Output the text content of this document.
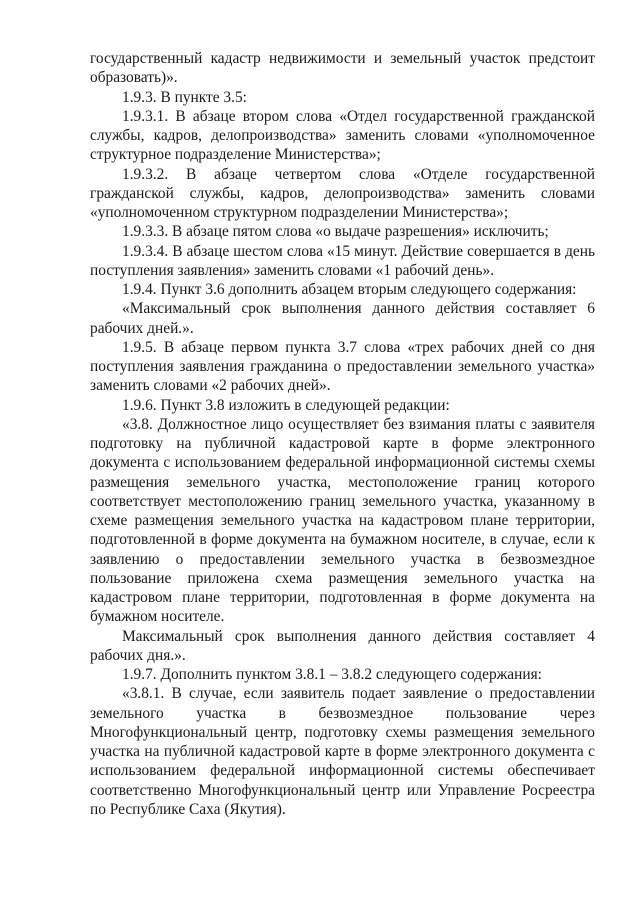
государственный кадастр недвижимости и земельный участок предстоит образовать)».

1.9.3. В пункте 3.5:

1.9.3.1. В абзаце втором слова «Отдел государственной гражданской службы, кадров, делопроизводства» заменить словами «уполномоченное структурное подразделение Министерства»;

1.9.3.2. В абзаце четвертом слова «Отделе государственной гражданской службы, кадров, делопроизводства» заменить словами «уполномоченном структурном подразделении Министерства»;

1.9.3.3. В абзаце пятом слова «о выдаче разрешения» исключить;

1.9.3.4. В абзаце шестом слова «15 минут. Действие совершается в день поступления заявления» заменить словами «1 рабочий день».

1.9.4. Пункт 3.6 дополнить абзацем вторым следующего содержания:

«Максимальный срок выполнения данного действия составляет 6 рабочих дней.».

1.9.5. В абзаце первом пункта 3.7 слова «трех рабочих дней со дня поступления заявления гражданина о предоставлении земельного участка» заменить словами «2 рабочих дней».

1.9.6. Пункт 3.8 изложить в следующей редакции:

«3.8. Должностное лицо осуществляет без взимания платы с заявителя подготовку на публичной кадастровой карте в форме электронного документа с использованием федеральной информационной системы схемы размещения земельного участка, местоположение границ которого соответствует местоположению границ земельного участка, указанному в схеме размещения земельного участка на кадастровом плане территории, подготовленной в форме документа на бумажном носителе, в случае, если к заявлению о предоставлении земельного участка в безвозмездное пользование приложена схема размещения земельного участка на кадастровом плане территории, подготовленная в форме документа на бумажном носителе.

Максимальный срок выполнения данного действия составляет 4 рабочих дня.».

1.9.7. Дополнить пунктом 3.8.1 – 3.8.2 следующего содержания:

«3.8.1. В случае, если заявитель подает заявление о предоставлении земельного участка в безвозмездное пользование через Многофункциональный центр, подготовку схемы размещения земельного участка на публичной кадастровой карте в форме электронного документа с использованием федеральной информационной системы обеспечивает соответственно Многофункциональный центр или Управление Росреестра по Республике Саха (Якутия).
